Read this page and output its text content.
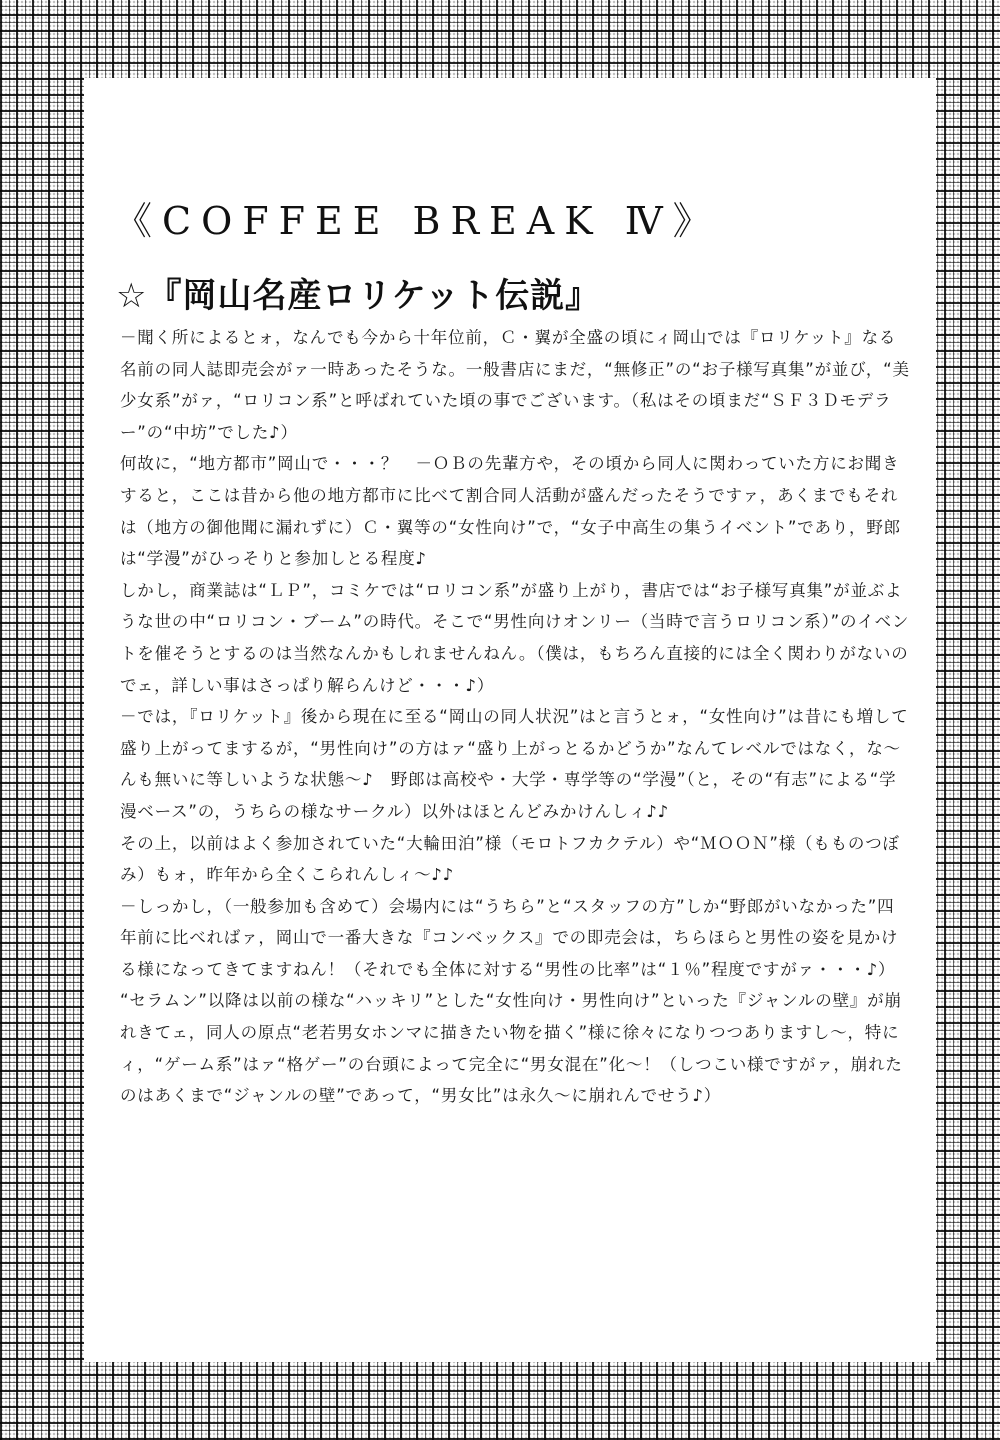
《COFFEE BREAK Ⅳ》
☆『岡山名産ロリケット伝説』

－聞く所によるとォ，なんでも今から十年位前，Ｃ・翼が全盛の頃にィ岡山では『ロリケット』なる名前の同人誌即売会がァ一時あったそうな。一般書店にまだ，“無修正”の“お子様写真集”が並び，“美少女系”がァ，“ロリコン系”と呼ばれていた頃の事でございます。（私はその頃まだ“ＳＦ３Ｄモデラー”の“中坊”でした♪）

何故に，“地方都市”岡山で・・・？　－ＯＢの先輩方や，その頃から同人に関わっていた方にお聞きすると，ここは昔から他の地方都市に比べて割合同人活動が盛んだったそうですァ，あくまでもそれは（地方の御他聞に漏れずに）Ｃ・翼等の“女性向け”で，“女子中高生の集うイベント”であり，野郎は“学漫”がひっそりと参加しとる程度♪

しかし，商業誌は“ＬＰ”，コミケでは“ロリコン系”が盛り上がり，書店では“お子様写真集”が並ぶような世の中“ロリコン・ブーム”の時代。そこで“男性向けオンリー（当時で言うロリコン系）”のイベントを催そうとするのは当然なんかもしれませんねん。（僕は，もちろん直接的には全く関わりがないのでェ，詳しい事はさっぱり解らんけど・・・♪）

－では，『ロリケット』後から現在に至る“岡山の同人状況”はと言うとォ，“女性向け”は昔にも増して盛り上がってまするが，“男性向け”の方はァ“盛り上がっとるかどうか”なんてレベルではなく，な～んも無いに等しいような状態～♪　野郎は高校や・大学・専学等の“学漫”（と，その“有志”による“学漫ベース”の，うちらの様なサークル）以外はほとんどみかけんしィ♪♪

その上，以前はよく参加されていた“大輪田泊”様（モロトフカクテル）や“ＭＯＯＮ”様（もものつぼみ）もォ，昨年から全くこられんしィ～♪♪

－しっかし，（一般参加も含めて）会場内には“うちら”と“スタッフの方”しか“野郎がいなかった”四年前に比べればァ，岡山で一番大きな『コンベックス』での即売会は，ちらほらと男性の姿を見かける様になってきてますねん！（それでも全体に対する“男性の比率”は“１％”程度ですがァ・・・♪）

“セラムン”以降は以前の様な“ハッキリ”とした“女性向け・男性向け”といった『ジャンルの壁』が崩れきてェ，同人の原点“老若男女ホンマに描きたい物を描く”様に徐々になりつつありますし～，特にィ，“ゲーム系”はァ“格ゲー”の台頭によって完全に“男女混在”化～！（しつこい様ですがァ，崩れたのはあくまで“ジャンルの壁”であって，“男女比”は永久～に崩れんでせう♪）
